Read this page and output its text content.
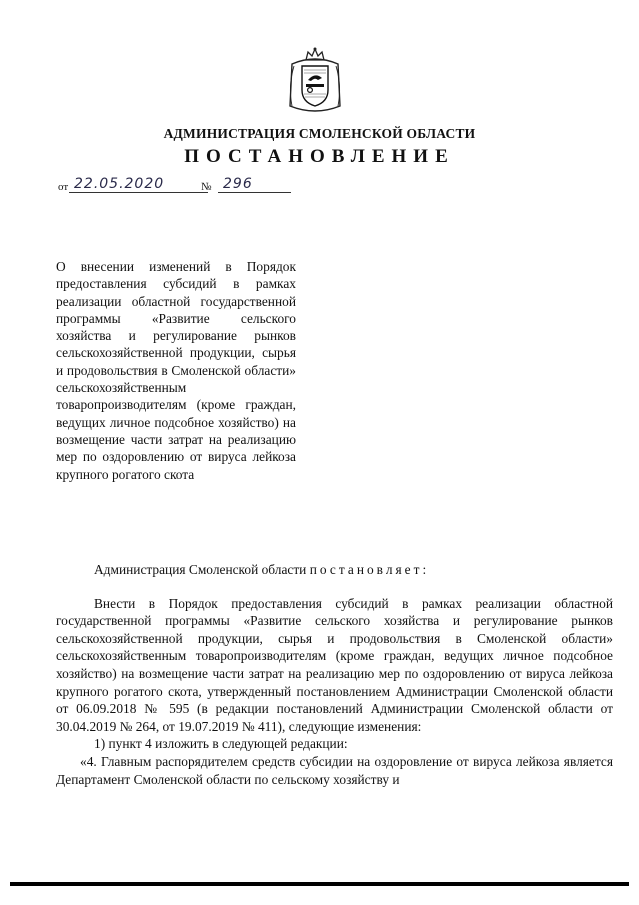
АДМИНИСТРАЦИЯ СМОЛЕНСКОЙ ОБЛАСТИ
ПОСТАНОВЛЕНИЕ
от 22.05.2020	№ 296
О внесении изменений в Порядок предоставления субсидий в рамках реализации областной государственной программы «Развитие сельского хозяйства и регулирование рынков сельскохозяйственной продукции, сырья и продовольствия в Смоленской области» сельскохозяйственным товаропроизводителям (кроме граждан, ведущих личное подсобное хозяйство) на возмещение части затрат на реализацию мер по оздоровлению от вируса лейкоза крупного рогатого скота

Администрация Смоленской области постановляет:

Внести в Порядок предоставления субсидий в рамках реализации областной государственной программы «Развитие сельского хозяйства и регулирование рынков сельскохозяйственной продукции, сырья и продовольствия в Смоленской области» сельскохозяйственным товаропроизводителям (кроме граждан, ведущих личное подсобное хозяйство) на возмещение части затрат на реализацию мер по оздоровлению от вируса лейкоза крупного рогатого скота, утвержденный постановлением Администрации Смоленской области от 06.09.2018 № 595 (в редакции постановлений Администрации Смоленской области от 30.04.2019 № 264, от 19.07.2019 № 411), следующие изменения:

1) пункт 4 изложить в следующей редакции:

«4. Главным распорядителем средств субсидии на оздоровление от вируса лейкоза является Департамент Смоленской области по сельскому хозяйству и
